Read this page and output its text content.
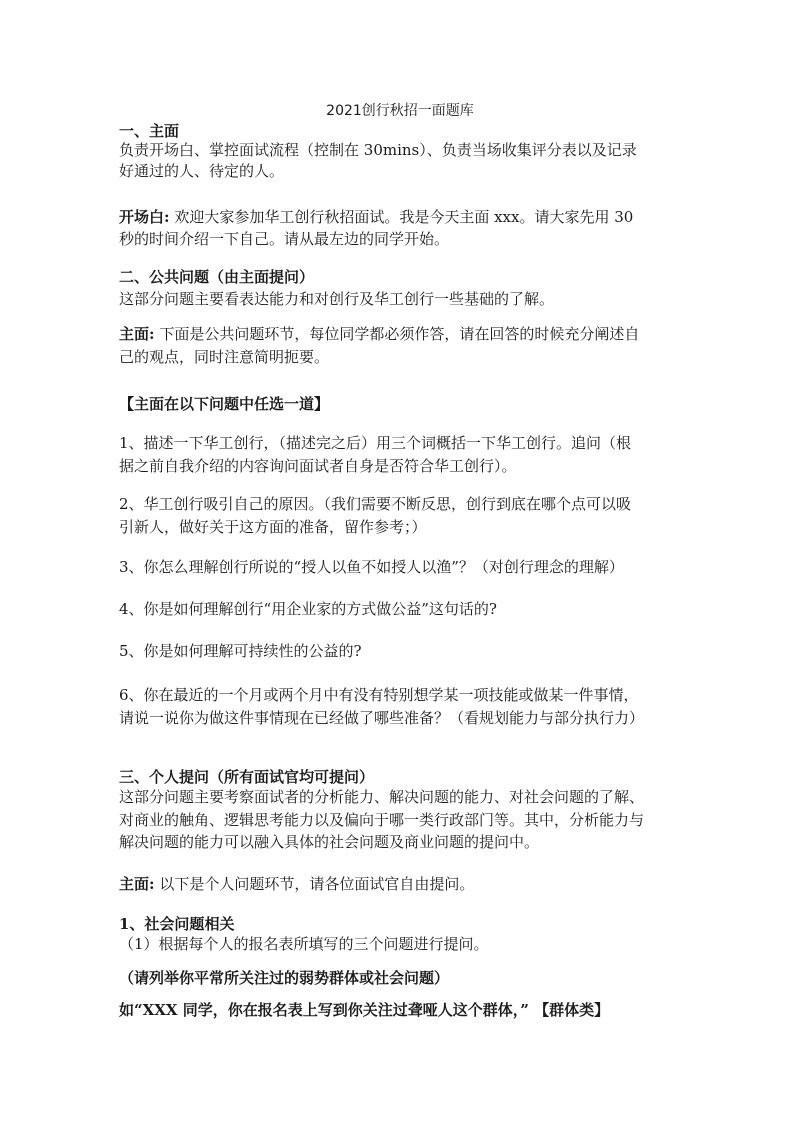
2021创行秋招一面题库
一、主面
负责开场白、掌控面试流程（控制在 30mins）、负责当场收集评分表以及记录
好通过的人、待定的人。
开场白: 欢迎大家参加华工创行秋招面试。我是今天主面 xxx。请大家先用 30
秒的时间介绍一下自己。请从最左边的同学开始。
二、公共问题（由主面提问）
这部分问题主要看表达能力和对创行及华工创行一些基础的了解。
主面: 下面是公共问题环节，每位同学都必须作答，请在回答的时候充分阐述自
己的观点，同时注意简明扼要。
【主面在以下问题中任选一道】
1、描述一下华工创行，（描述完之后）用三个词概括一下华工创行。追问（根
据之前自我介绍的内容询问面试者自身是否符合华工创行）。
2、华工创行吸引自己的原因。（我们需要不断反思，创行到底在哪个点可以吸
引新人，做好关于这方面的准备，留作参考；）
3、你怎么理解创行所说的“授人以鱼不如授人以渔”？（对创行理念的理解）
4、你是如何理解创行“用企业家的方式做公益”这句话的?
5、你是如何理解可持续性的公益的?
6、你在最近的一个月或两个月中有没有特别想学某一项技能或做某一件事情，
请说一说你为做这件事情现在已经做了哪些准备？（看规划能力与部分执行力）
三、个人提问（所有面试官均可提问）
这部分问题主要考察面试者的分析能力、解决问题的能力、对社会问题的了解、
对商业的触角、逻辑思考能力以及偏向于哪一类行政部门等。其中，分析能力与
解决问题的能力可以融入具体的社会问题及商业问题的提问中。
主面: 以下是个人问题环节，请各位面试官自由提问。
1、社会问题相关
（1）根据每个人的报名表所填写的三个问题进行提问。
（请列举你平常所关注过的弱势群体或社会问题）
如“XXX 同学，你在报名表上写到你关注过聋哑人这个群体，” 【群体类】
